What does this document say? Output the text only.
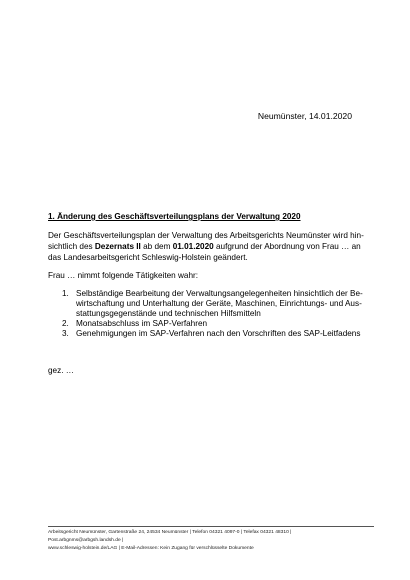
Neumünster, 14.01.2020
1. Änderung des Geschäftsverteilungsplans der Verwaltung 2020
Der Geschäftsverteilungsplan der Verwaltung des Arbeitsgerichts Neumünster wird hin-
sichtlich des Dezernats II ab dem 01.01.2020 aufgrund der Abordnung von Frau … an
das Landesarbeitsgericht Schleswig-Holstein geändert.
Frau … nimmt folgende Tätigkeiten wahr:
1. Selbständige Bearbeitung der Verwaltungsangelegenheiten hinsichtlich der Be-
wirtschaftung und Unterhaltung der Geräte, Maschinen, Einrichtungs- und Aus-
stattungsgegenstände und technischen Hilfsmitteln
2. Monatsabschluss im SAP-Verfahren
3. Genehmigungen im SAP-Verfahren nach den Vorschriften des SAP-Leitfadens
gez. …
Arbeitsgericht Neumünster, Gartenstraße 24, 24534 Neumünster | Telefon 04321 4097-0 | Telefax 04321 48310 |
Post.arbgnms@arbgsh.landsh.de |
www.schleswig-holstein.de/LAG | E-Mail-Adressen: Kein Zugang für verschlüsselte Dokumente
